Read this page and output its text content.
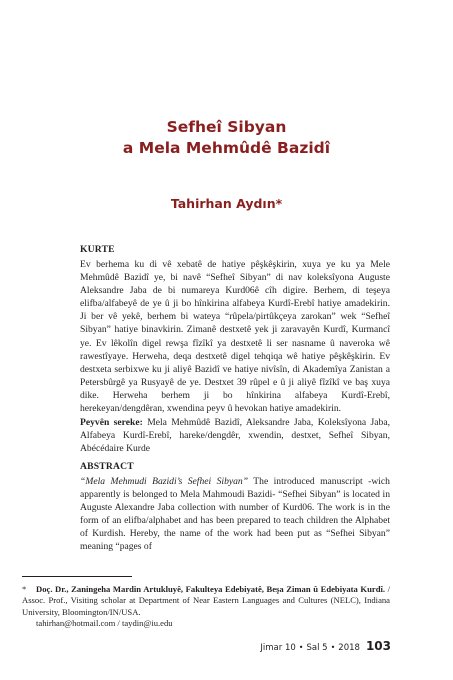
Sefheî Sibyan
a Mela Mehmûdê Bazidî
Tahirhan Aydın*
KURTE

Ev berhema ku di vê xebatê de hatiye pêşkêşkirin, xuya ye ku ya Mele Mehmûdê Bazidî ye, bi navê “Sefheî Sibyan” di nav koleksîyona Auguste Aleksandre Jaba de bi numareya Kurd06ê cîh digire. Berhem, di teşeya elifba/alfabeyê de ye û ji bo hînkirina alfabeya Kurdî-Erebî hatiye amadekirin. Ji ber vê yekê, berhem bi wateya “rûpela/pirtûkçeya zarokan” wek “Sefheî Sibyan” hatiye binavkirin. Zimanê destxetê yek ji zaravayên Kurdî, Kurmancî ye. Ev lêkolîn digel rewşa fîzîkî ya destxetê li ser nasname û naveroka wê rawestîyaye. Herweha, deqa destxetê digel tehqiqa wê hatiye pêşkêşkirin. Ev destxeta serbixwe ku ji aliyê Bazidî ve hatiye nivîsîn, di Akademîya Zanistan a Petersbûrgê ya Rusyayê de ye. Destxet 39 rûpel e û ji aliyê fîzîkî ve baş xuya dike. Herweha berhem ji bo hînkirina alfabeya Kurdî-Erebî, herekeyan/dengdêran, xwendina peyv û hevokan hatiye amadekirin.

Peyvên sereke: Mela Mehmûdê Bazidî, Aleksandre Jaba, Koleksîyona Jaba, Alfabeya Kurdî-Erebî, hareke/dengdêr, xwendin, destxet, Sefheî Sibyan, Abécédaire Kurde

ABSTRACT

“Mela Mehmudi Bazidi’s Sefhei Sibyan” The introduced manuscript -wich apparently is belonged to Mela Mahmoudi Bazidi- “Sefhei Sibyan” is located in Auguste Alexandre Jaba collection with number of Kurd06. The work is in the form of an elifba/alphabet and has been prepared to teach children the Alphabet of Kurdish. Hereby, the name of the work had been put as “Sefhei Sibyan” meaning “pages of

* Doç. Dr., Zaningeha Mardin Artukluyê, Fakulteya Edebiyatê, Beşa Ziman û Edebiyata Kurdî. / Assoc. Prof., Visiting scholar at Department of Near Eastern Languages and Cultures (NELC), Indiana University, Bloomington/IN/USA.
tahirhan@hotmail.com / taydin@iu.edu
Jimar 10 • Sal 5 • 2018 103
